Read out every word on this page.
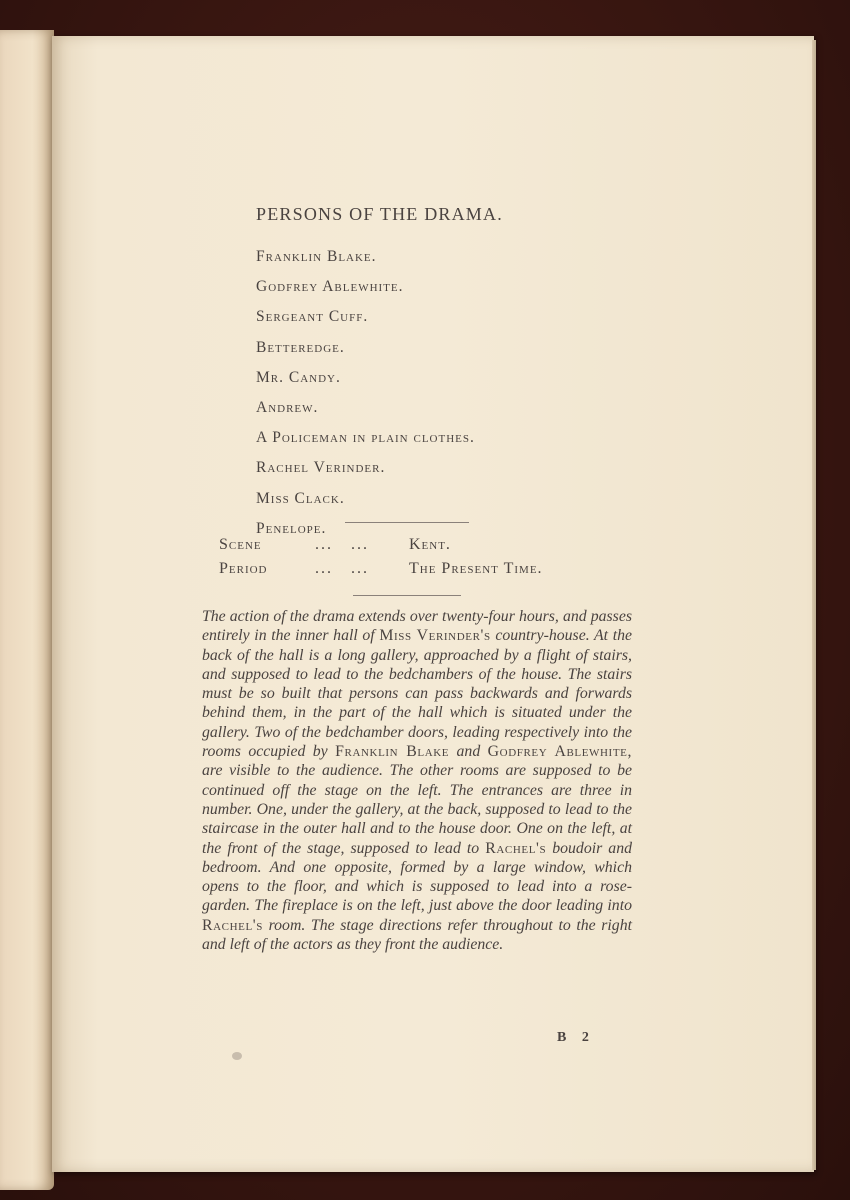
PERSONS OF THE DRAMA.
Franklin Blake.
Godfrey Ablewhite.
Sergeant Cuff.
Betteredge.
Mr. Candy.
Andrew.
A Policeman in plain clothes.
Rachel Verinder.
Miss Clack.
Penelope.
Scene	...   ...	Kent.
Period	...   ...	The Present Time.

The action of the drama extends over twenty-four hours, and passes entirely in the inner hall of Miss Verinder's country-house. At the back of the hall is a long gallery, approached by a flight of stairs, and supposed to lead to the bedchambers of the house. The stairs must be so built that persons can pass backwards and forwards behind them, in the part of the hall which is situated under the gallery. Two of the bedchamber doors, leading respectively into the rooms occupied by Franklin Blake and Godfrey Ablewhite, are visible to the audience. The other rooms are supposed to be continued off the stage on the left. The entrances are three in number. One, under the gallery, at the back, supposed to lead to the staircase in the outer hall and to the house door. One on the left, at the front of the stage, supposed to lead to Rachel's boudoir and bedroom. And one opposite, formed by a large window, which opens to the floor, and which is supposed to lead into a rose-garden. The fireplace is on the left, just above the door leading into Rachel's room. The stage directions refer throughout to the right and left of the actors as they front the audience.

B 2
